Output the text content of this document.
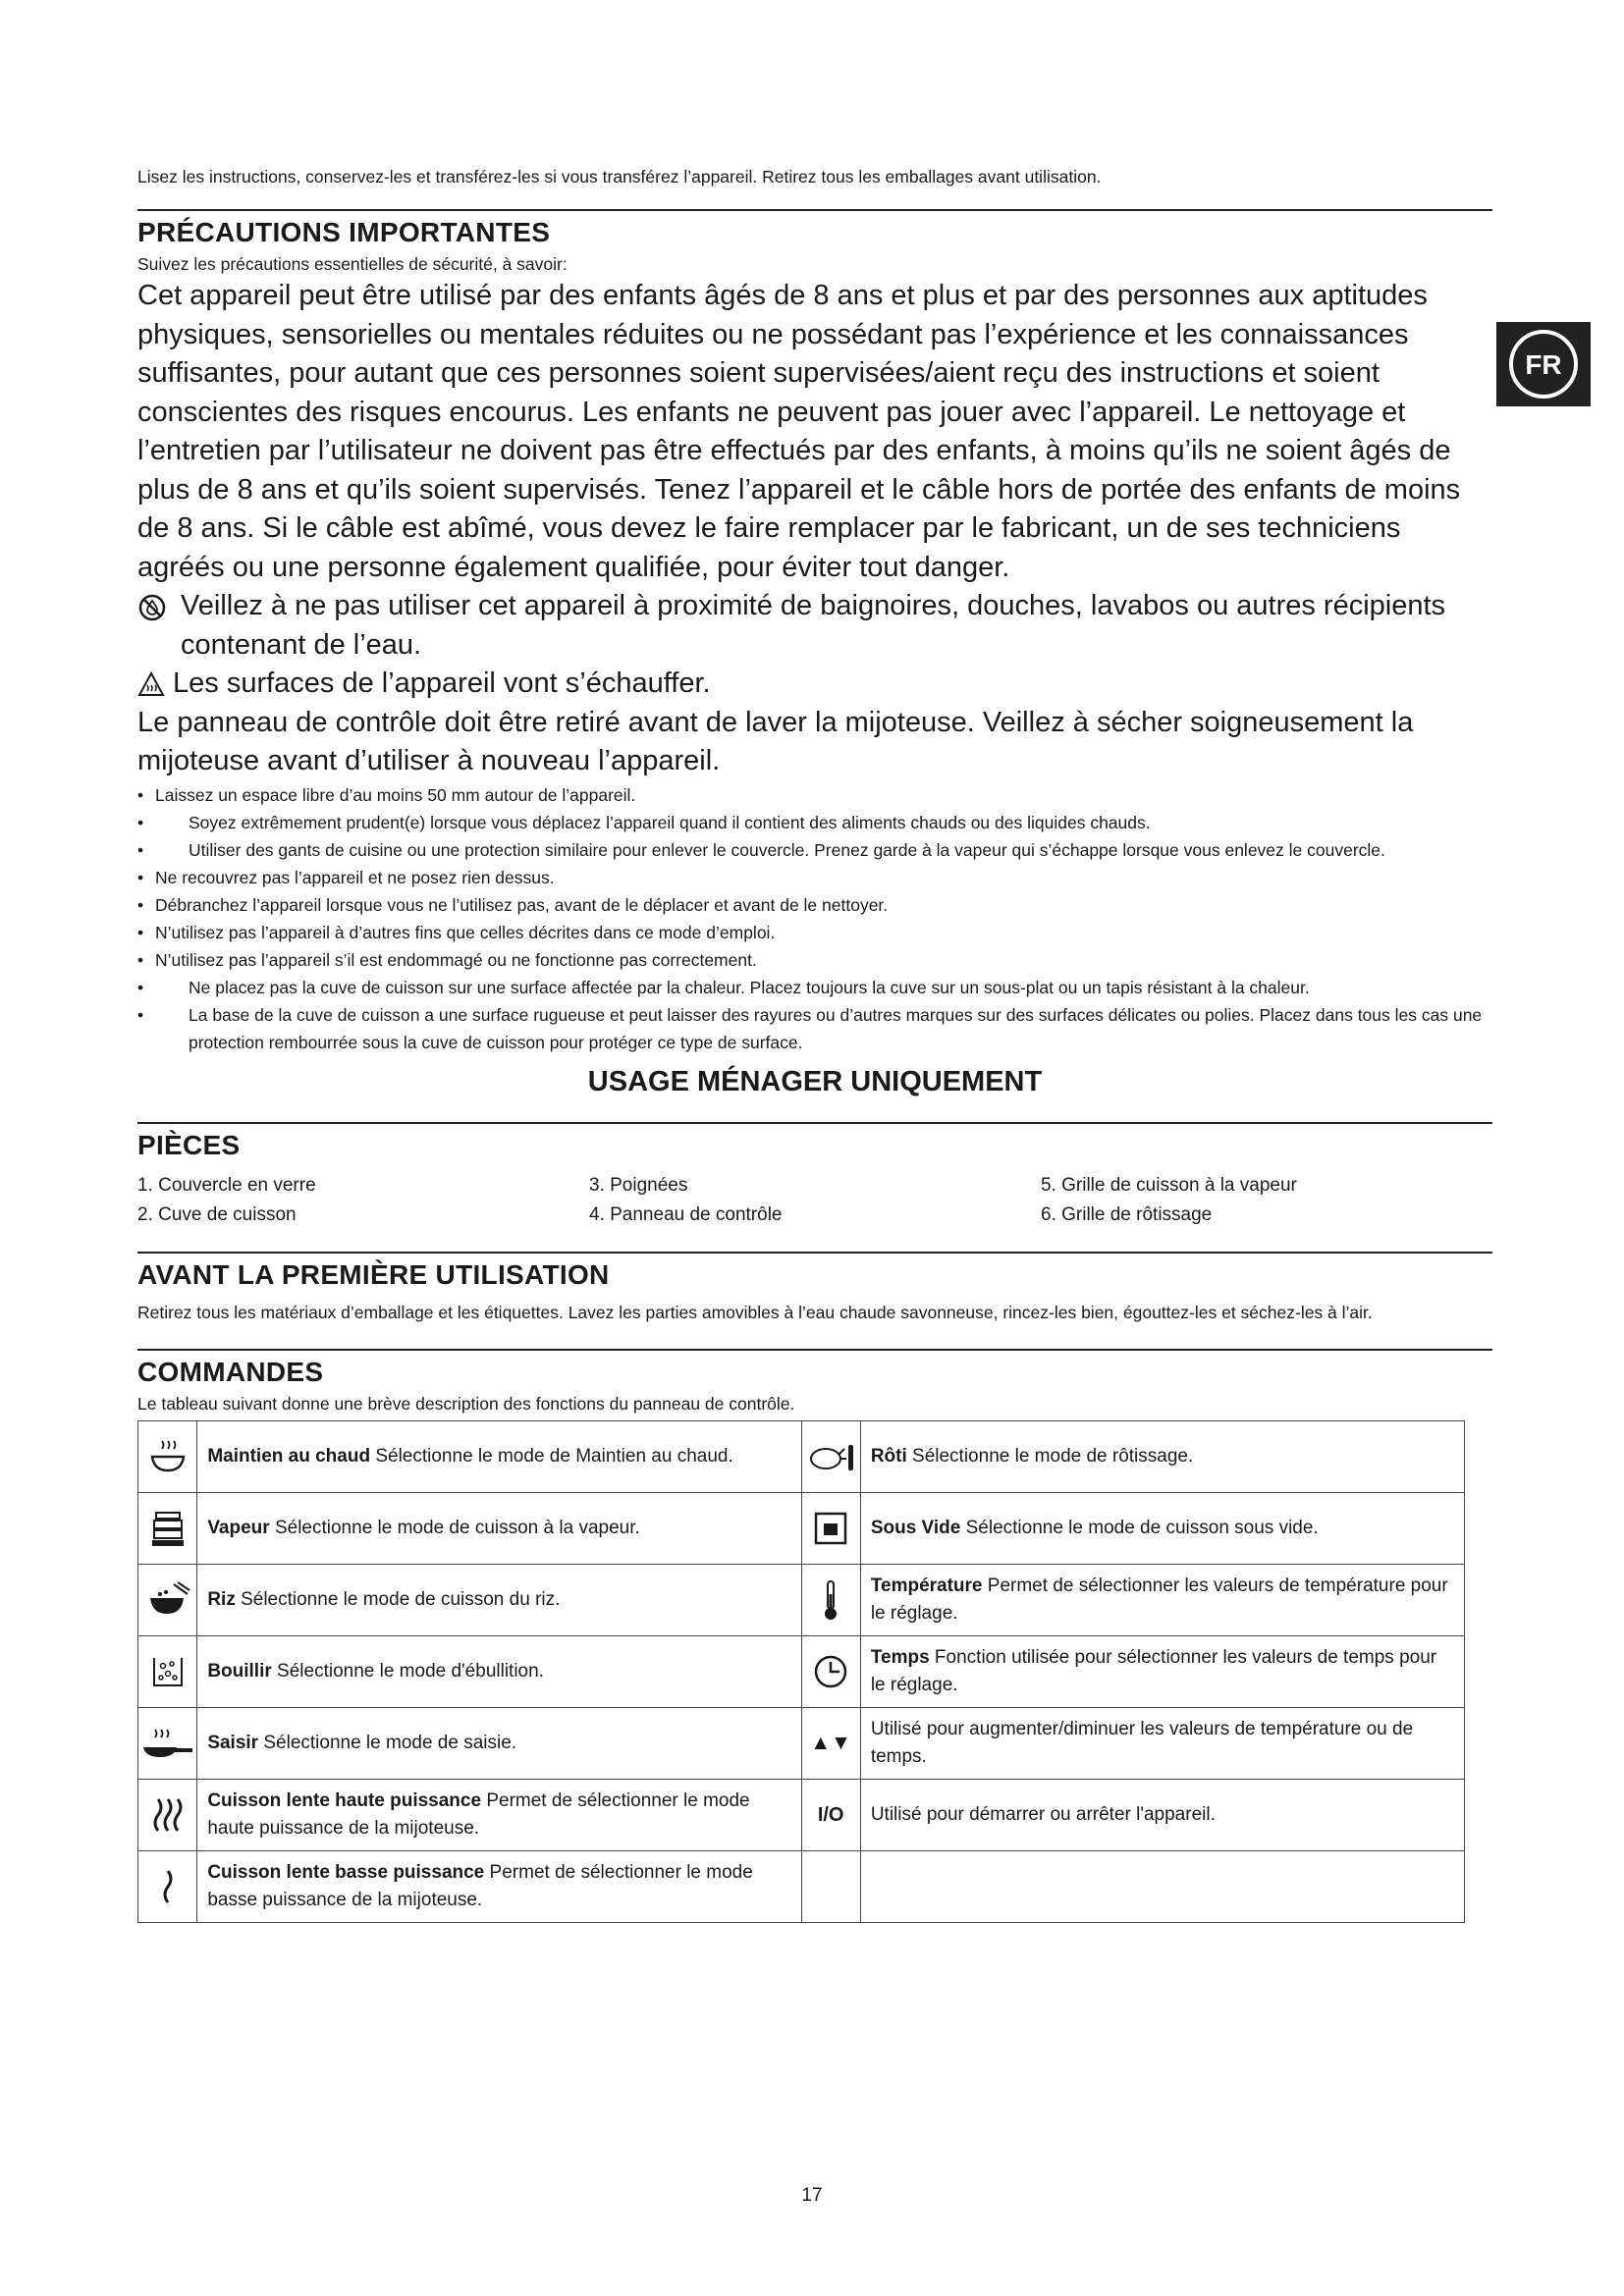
FR

Lisez les instructions, conservez-les et transférez-les si vous transférez l’appareil. Retirez tous les emballages avant utilisation.

PRÉCAUTIONS IMPORTANTES

Suivez les précautions essentielles de sécurité, à savoir:

Cet appareil peut être utilisé par des enfants âgés de 8 ans et plus et par des personnes aux aptitudes physiques, sensorielles ou mentales réduites ou ne possédant pas l’expérience et les connaissances suffisantes, pour autant que ces personnes soient supervisées/aient reçu des instructions et soient conscientes des risques encourus. Les enfants ne peuvent pas jouer avec l’appareil. Le nettoyage et l’entretien par l’utilisateur ne doivent pas être effectués par des enfants, à moins qu’ils ne soient âgés de plus de 8 ans et qu’ils soient supervisés. Tenez l’appareil et le câble hors de portée des enfants de moins de 8 ans. Si le câble est abîmé, vous devez le faire remplacer par le fabricant, un de ses techniciens agréés ou une personne également qualifiée, pour éviter tout danger.

Veillez à ne pas utiliser cet appareil à proximité de baignoires, douches, lavabos ou autres récipients contenant de l’eau.
Les surfaces de l’appareil vont s’échauffer.

Le panneau de contrôle doit être retiré avant de laver la mijoteuse. Veillez à sécher soigneusement la mijoteuse avant d’utiliser à nouveau l’appareil.

• Laissez un espace libre d’au moins 50 mm autour de l’appareil.
• Soyez extrêmement prudent(e) lorsque vous déplacez l’appareil quand il contient des aliments chauds ou des liquides chauds.
• Utiliser des gants de cuisine ou une protection similaire pour enlever le couvercle. Prenez garde à la vapeur qui s’échappe lorsque vous enlevez le couvercle.
• Ne recouvrez pas l’appareil et ne posez rien dessus.
• Débranchez l’appareil lorsque vous ne l’utilisez pas, avant de le déplacer et avant de le nettoyer.
• N’utilisez pas l’appareil à d’autres fins que celles décrites dans ce mode d’emploi.
• N’utilisez pas l’appareil s’il est endommagé ou ne fonctionne pas correctement.
• Ne placez pas la cuve de cuisson sur une surface affectée par la chaleur. Placez toujours la cuve sur un sous-plat ou un tapis résistant à la chaleur.
• La base de la cuve de cuisson a une surface rugueuse et peut laisser des rayures ou d’autres marques sur des surfaces délicates ou polies. Placez dans tous les cas une protection rembourrée sous la cuve de cuisson pour protéger ce type de surface.
USAGE MÉNAGER UNIQUEMENT
PIÈCES
1. Couvercle en verre
2. Cuve de cuisson
3. Poignées
4. Panneau de contrôle
5. Grille de cuisson à la vapeur
6. Grille de rôtissage
AVANT LA PREMIÈRE UTILISATION

Retirez tous les matériaux d’emballage et les étiquettes. Lavez les parties amovibles à l’eau chaude savonneuse, rincez-les bien, égouttez-les et séchez-les à l’air.

COMMANDES

Le tableau suivant donne une brève description des fonctions du panneau de contrôle.

	Maintien au chaud Sélectionne le mode de Maintien au chaud.		Rôti Sélectionne le mode de rôtissage.

	Vapeur Sélectionne le mode de cuisson à la vapeur.		Sous Vide Sélectionne le mode de cuisson sous vide.

	Riz Sélectionne le mode de cuisson du riz.		Température Permet de sélectionner les valeurs de température pour le réglage.

	Bouillir Sélectionne le mode d'ébullition.		Temps Fonction utilisée pour sélectionner les valeurs de temps pour le réglage.

	Saisir Sélectionne le mode de saisie.	▲▼	Utilisé pour augmenter/diminuer les valeurs de température ou de temps.

	Cuisson lente haute puissance Permet de sélectionner le mode haute puissance de la mijoteuse.	I/O	Utilisé pour démarrer ou arrêter l'appareil.

	Cuisson lente basse puissance Permet de sélectionner le mode basse puissance de la mijoteuse.		
17
